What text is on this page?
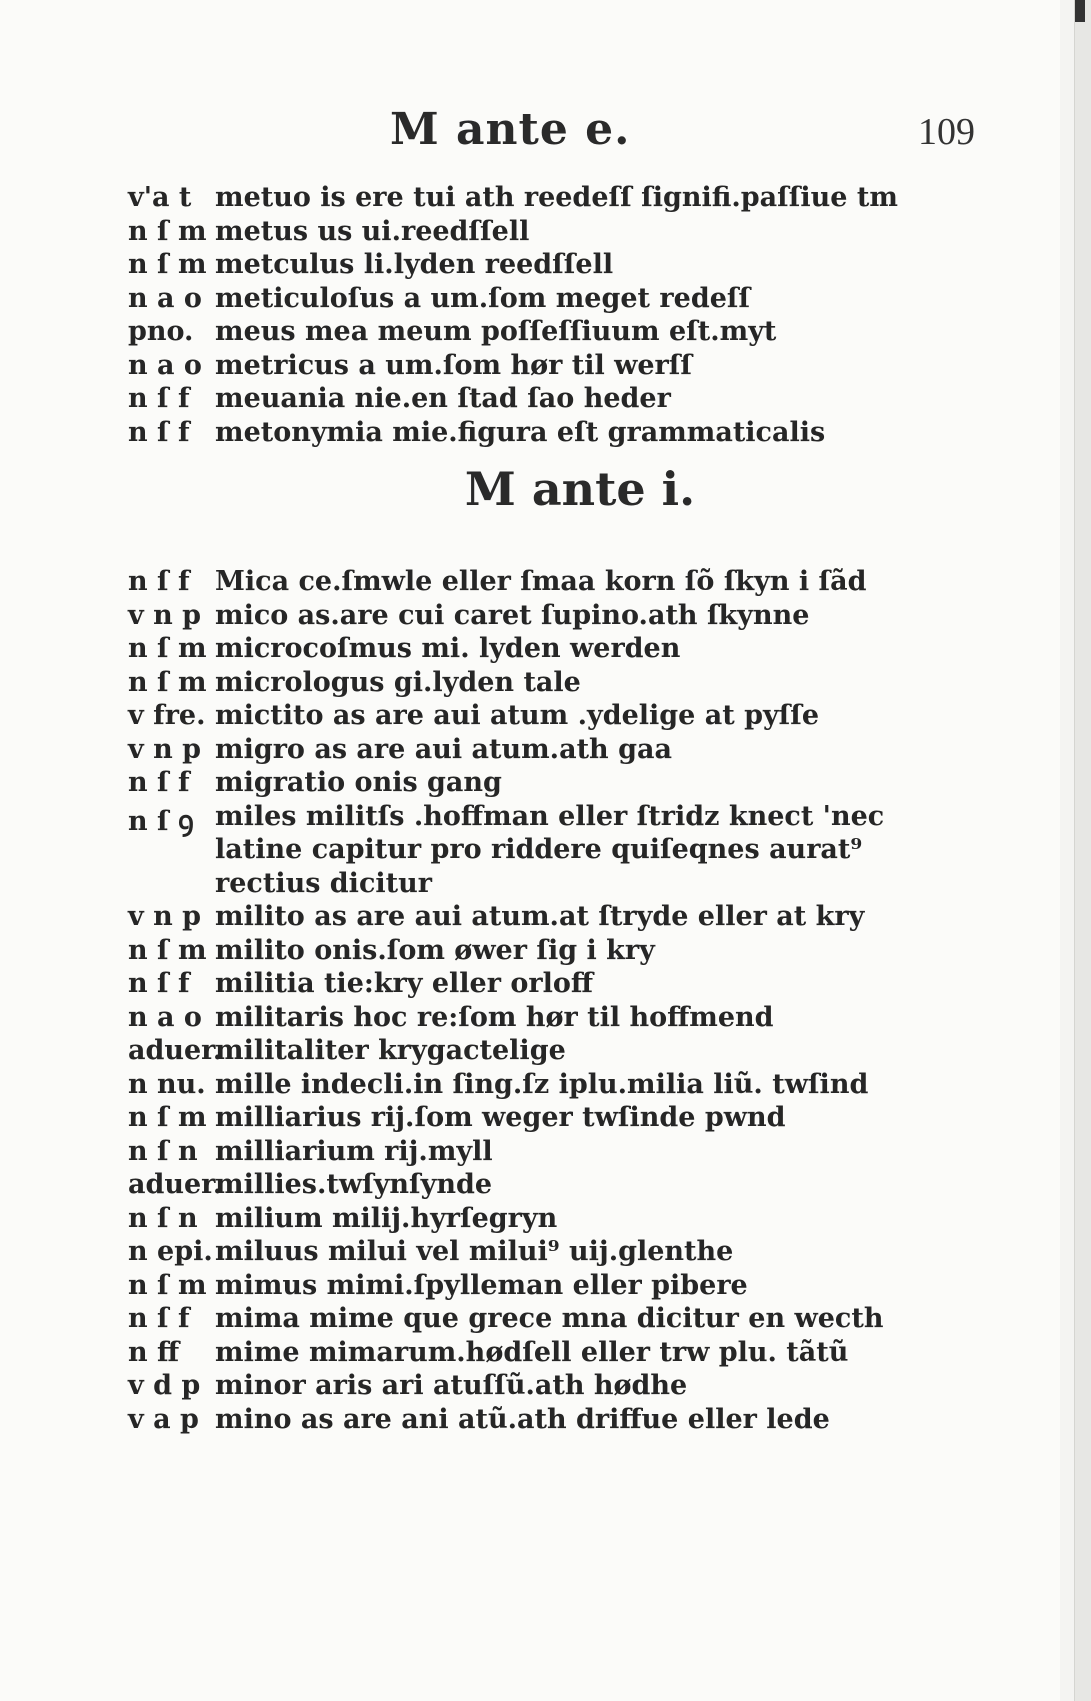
M ante e.	109
v'a t metuo is ere tui ath reedeſſ ſignifi.paſſiue tm
n ſ m metus us ui.reedſſell
n ſ m metculus li.lyden reedſſell
n a o meticuloſus a um.ſom meget redeſſ
pno. meus mea meum poſſeſſiuum eſt.myt
n a o metricus a um.ſom hør til werſſ
n ſ f meuania nie.en ſtad ſao heder
n ſ f metonymia mie.figura eſt grammaticalis
M ante i.
n ſ f Mica ce.ſmwle eller ſmaa korn ſõ ſkyn i ſãd
v n p mico as.are cui caret ſupino.ath ſkynne
n ſ m microcoſmus mi. lyden werden
n ſ m micrologus gi.lyden tale
v fre. mictito as are aui atum .ydelige at pyſſe
v n p migro as are aui atum.ath gaa
n ſ f migratio onis gang
n ſ ꝯ miles militſs .hoffman eller ſtridz knect 'nec
latine capitur pro riddere quiſeqnes aurat⁹
rectius dicitur
v n p milito as are aui atum.at ſtryde eller at kry
n ſ m milito onis.ſom øwer ſig i kry
n ſ f militia tie:kry eller orloff
n a o militaris hoc re:ſom hør til hoffmend
aduer.
militaliter krygactelige
n nu. mille indecli.in ſing.ſz iplu.milia liũ. twſind
n ſ m milliarius rij.ſom weger twſinde pwnd
n ſ n milliarium rij.myll
aduer.
millies.twſynſynde
n ſ n milium milij.hyrſegryn
n epi. miluus milui vel milui⁹ uij.glenthe
n ſ m mimus mimi.ſpylleman eller pibere
n ſ f mima mime que grece mna dicitur en wecth
n ff	mime mimarum.hødſell eller trw plu. tãtũ
v d p minor aris ari atuſſũ.ath hødhe
v a p mino as are ani atũ.ath driffue eller lede
